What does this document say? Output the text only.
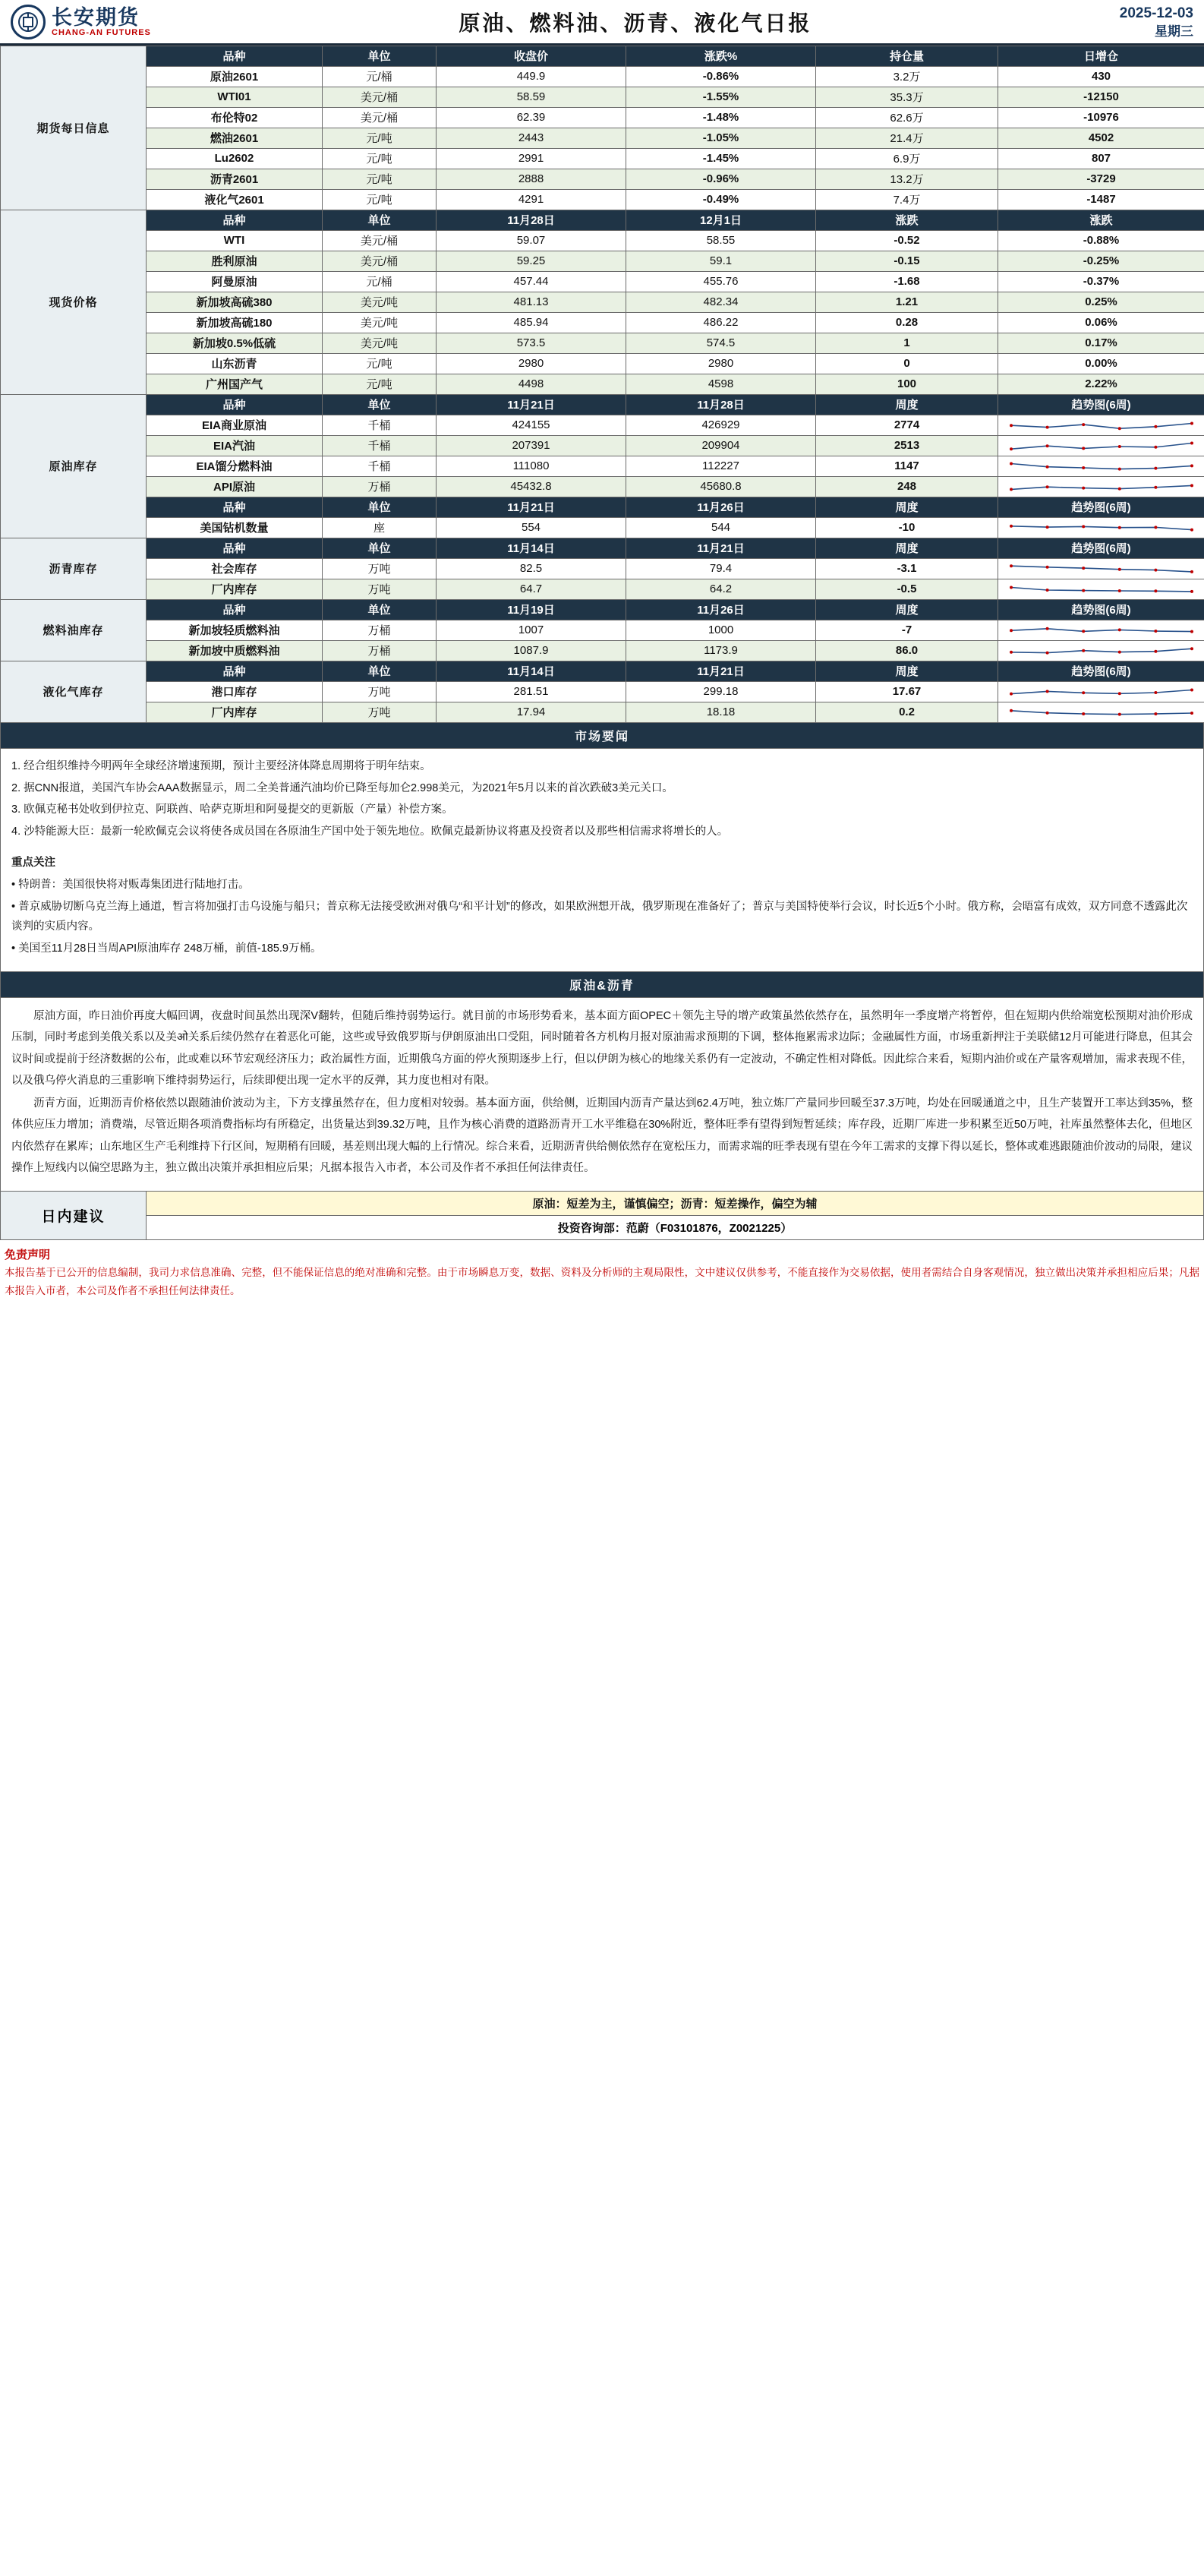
长安期货
CHANG-AN FUTURES	原油、燃料油、沥青、液化气日报	2025-12-03
星期三
期货每日信息	品种	单位	收盘价	涨跌%	持仓量	日增仓
	原油2601	元/桶	449.9	-0.86%	3.2万	430
	WTI01	美元/桶	58.59	-1.55%	35.3万	-12150
	布伦特02	美元/桶	62.39	-1.48%	62.6万	-10976
	燃油2601	元/吨	2443	-1.05%	21.4万	4502
	Lu2602	元/吨	2991	-1.45%	6.9万	807
	沥青2601	元/吨	2888	-0.96%	13.2万	-3729
	液化气2601	元/吨	4291	-0.49%	7.4万	-1487
现货价格	品种	单位	11月28日	12月1日	涨跌	涨跌
	WTI	美元/桶	59.07	58.55	-0.52	-0.88%
	胜利原油	美元/桶	59.25	59.1	-0.15	-0.25%
	阿曼原油	元/桶	457.44	455.76	-1.68	-0.37%
	新加坡高硫380	美元/吨	481.13	482.34	1.21	0.25%
	新加坡高硫180	美元/吨	485.94	486.22	0.28	0.06%
	新加坡0.5%低硫	美元/吨	573.5	574.5	1	0.17%
	山东沥青	元/吨	2980	2980	0	0.00%
	广州国产气	元/吨	4498	4598	100	2.22%
原油库存	品种	单位	11月21日	11月28日	周度	趋势图(6周)
	EIA商业原油	千桶	424155	426929	2774	

	EIA汽油	千桶	207391	209904	2513	

	EIA馏分燃料油	千桶	111080	112227	1147	

	API原油	万桶	45432.8	45680.8	248	

	品种	单位	11月21日	11月26日	周度	趋势图(6周)
	美国钻机数量	座	554	544	-10	

沥青库存	品种	单位	11月14日	11月21日	周度	趋势图(6周)
	社会库存	万吨	82.5	79.4	-3.1	

	厂内库存	万吨	64.7	64.2	-0.5	

燃料油库存	品种	单位	11月19日	11月26日	周度	趋势图(6周)
	新加坡轻质燃料油	万桶	1007	1000	-7	

	新加坡中质燃料油	万桶	1087.9	1173.9	86.0	

液化气库存	品种	单位	11月14日	11月21日	周度	趋势图(6周)
	港口库存	万吨	281.51	299.18	17.67	

	厂内库存	万吨	17.94	18.18	0.2	
市场要闻

1. 经合组织维持今明两年全球经济增速预期，预计主要经济体降息周期将于明年结束。

2. 据CNN报道，美国汽车协会AAA数据显示，周二全美普通汽油均价已降至每加仑2.998美元，为2021年5月以来的首次跌破3美元关口。

3. 欧佩克秘书处收到伊拉克、阿联酋、哈萨克斯坦和阿曼提交的更新版（产量）补偿方案。

4. 沙特能源大臣：最新一轮欧佩克会议将使各成员国在各原油生产国中处于领先地位。欧佩克最新协议将惠及投资者以及那些相信需求将增长的人。

重点关注

• 特朗普：美国很快将对贩毒集团进行陆地打击。

• 普京威胁切断乌克兰海上通道，暂言将加强打击乌设施与船只；普京称无法接受欧洲对俄乌“和平计划”的修改，如果欧洲想开战，俄罗斯现在准备好了；普京与美国特使举行会议，时长近5个小时。俄方称，会晤富有成效，双方同意不透露此次谈判的实质内容。

• 美国至11月28日当周API原油库存 248万桶，前值-185.9万桶。

原油&沥青

原油方面，昨日油价再度大幅回调，夜盘时间虽然出现深V翻转，但随后维持弱势运行。就目前的市场形势看来，基本面方面OPEC＋领先主导的增产政策虽然依然存在，虽然明年一季度增产将暂停，但在短期内供给端宽松预期对油价形成压制，同时考虑到美俄关系以及美ओ关系后续仍然存在着恶化可能，这些或导致俄罗斯与伊朗原油出口受阻，同时随着各方机构月报对原油需求预期的下调，整体拖累需求边际；金融属性方面，市场重新押注于美联储12月可能进行降息，但其会议时间或提前于经济数据的公布，此或难以环节宏观经济压力；政治属性方面，近期俄乌方面的停火预期逐步上行，但以伊朗为核心的地缘关系仍有一定波动，不确定性相对降低。因此综合来看，短期内油价或在产量客观增加，需求表现不佳，以及俄乌停火消息的三重影响下维持弱势运行，后续即便出现一定水平的反弹，其力度也相对有限。

沥青方面，近期沥青价格依然以跟随油价波动为主，下方支撑虽然存在，但力度相对较弱。基本面方面，供给侧，近期国内沥青产量达到62.4万吨，独立炼厂产量同步回暖至37.3万吨，均处在回暖通道之中，且生产装置开工率达到35%，整体供应压力增加；消费端，尽管近期各项消费指标均有所稳定，出货量达到39.32万吨，且作为核心消费的道路沥青开工水平维稳在30%附近，整体旺季有望得到短暂延续；库存段，近期厂库进一步积累至近50万吨，社库虽然整体去化，但地区内依然存在累库；山东地区生产毛利维持下行区间，短期稍有回暖，基差则出现大幅的上行情况。综合来看，近期沥青供给侧依然存在宽松压力，而需求端的旺季表现有望在今年工需求的支撑下得以延长，整体或难逃跟随油价波动的局限，建议操作上短线内以偏空思路为主，独立做出决策并承担相应后果；凡据本报告入市者，本公司及作者不承担任何法律责任。

日内建议
原油：短差为主，谨慎偏空；沥青：短差操作，偏空为辅
投资咨询部：范蔚（F03101876，Z0021225）
免责声明
本报告基于已公开的信息编制，我司力求信息准确、完整，但不能保证信息的绝对准确和完整。由于市场瞬息万变，数据、资料及分析师的主观局限性，文中建议仅供参考，不能直接作为交易依据，使用者需结合自身客观情况，独立做出决策并承担相应后果；凡据本报告入市者，本公司及作者不承担任何法律责任。
